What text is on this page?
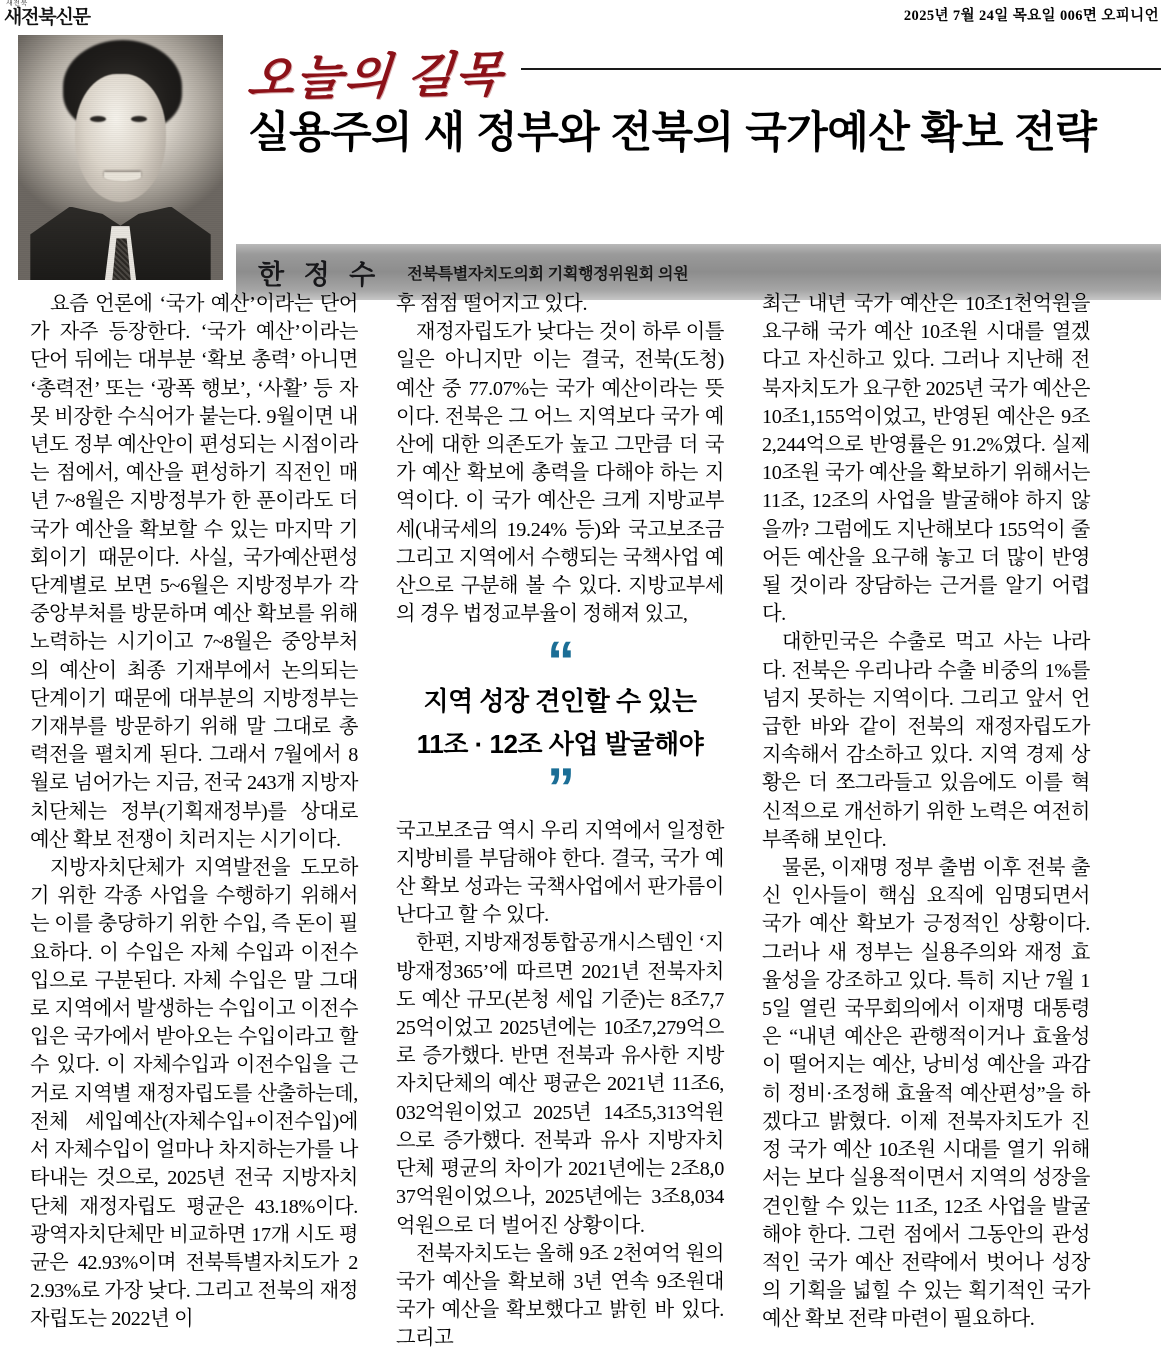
새전북
새전북신문	2025년 7월 24일 목요일 006면 오피니언
오늘의 길목
실용주의 새 정부와 전북의 국가예산 확보 전략
한 정 수 전북특별자치도의회 기획행정위원회 의원

요즘 언론에 ‘국가 예산’이라는 단어가 자주 등장한다. ‘국가 예산’이라는 단어 뒤에는 대부분 ‘확보 총력’ 아니면 ‘총력전’ 또는 ‘광폭 행보’, ‘사활’ 등 자못 비장한 수식어가 붙는다. 9월이면 내년도 정부 예산안이 편성되는 시점이라는 점에서, 예산을 편성하기 직전인 매년 7~8월은 지방정부가 한 푼이라도 더 국가 예산을 확보할 수 있는 마지막 기회이기 때문이다. 사실, 국가예산편성 단계별로 보면 5~6월은 지방정부가 각 중앙부처를 방문하며 예산 확보를 위해 노력하는 시기이고 7~8월은 중앙부처의 예산이 최종 기재부에서 논의되는 단계이기 때문에 대부분의 지방정부는 기재부를 방문하기 위해 말 그대로 총력전을 펼치게 된다. 그래서 7월에서 8월로 넘어가는 지금, 전국 243개 지방자치단체는 정부(기획재정부)를 상대로 예산 확보 전쟁이 치러지는 시기이다.

지방자치단체가 지역발전을 도모하기 위한 각종 사업을 수행하기 위해서는 이를 충당하기 위한 수입, 즉 돈이 필요하다. 이 수입은 자체 수입과 이전수입으로 구분된다. 자체 수입은 말 그대로 지역에서 발생하는 수입이고 이전수입은 국가에서 받아오는 수입이라고 할 수 있다. 이 자체수입과 이전수입을 근거로 지역별 재정자립도를 산출하는데, 전체 세입예산(자체수입+이전수입)에서 자체수입이 얼마나 차지하는가를 나타내는 것으로, 2025년 전국 지방자치단체 재정자립도 평균은 43.18%이다. 광역자치단체만 비교하면 17개 시도 평균은 42.93%이며 전북특별자치도가 22.93%로 가장 낮다. 그리고 전북의 재정자립도는 2022년 이

후 점점 떨어지고 있다.

재정자립도가 낮다는 것이 하루 이틀 일은 아니지만 이는 결국, 전북(도청) 예산 중 77.07%는 국가 예산이라는 뜻이다. 전북은 그 어느 지역보다 국가 예산에 대한 의존도가 높고 그만큼 더 국가 예산 확보에 총력을 다해야 하는 지역이다. 이 국가 예산은 크게 지방교부세(내국세의 19.24% 등)와 국고보조금 그리고 지역에서 수행되는 국책사업 예산으로 구분해 볼 수 있다. 지방교부세의 경우 법정교부율이 정해져 있고,

“
지역 성장 견인할 수 있는
11조 · 12조 사업 발굴해야
”

국고보조금 역시 우리 지역에서 일정한 지방비를 부담해야 한다. 결국, 국가 예산 확보 성과는 국책사업에서 판가름이 난다고 할 수 있다.

한편, 지방재정통합공개시스템인 ‘지방재정365’에 따르면 2021년 전북자치도 예산 규모(본청 세입 기준)는 8조7,725억이었고 2025년에는 10조7,279억으로 증가했다. 반면 전북과 유사한 지방자치단체의 예산 평균은 2021년 11조6,032억원이었고 2025년 14조5,313억원으로 증가했다. 전북과 유사 지방자치단체 평균의 차이가 2021년에는 2조8,037억원이었으나, 2025년에는 3조8,034억원으로 더 벌어진 상황이다.

전북자치도는 올해 9조 2천여억 원의 국가 예산을 확보해 3년 연속 9조원대 국가 예산을 확보했다고 밝힌 바 있다. 그리고

최근 내년 국가 예산은 10조1천억원을 요구해 국가 예산 10조원 시대를 열겠다고 자신하고 있다. 그러나 지난해 전북자치도가 요구한 2025년 국가 예산은 10조1,155억이었고, 반영된 예산은 9조2,244억으로 반영률은 91.2%였다. 실제 10조원 국가 예산을 확보하기 위해서는 11조, 12조의 사업을 발굴해야 하지 않을까? 그럼에도 지난해보다 155억이 줄어든 예산을 요구해 놓고 더 많이 반영될 것이라 장담하는 근거를 알기 어렵다.

대한민국은 수출로 먹고 사는 나라다. 전북은 우리나라 수출 비중의 1%를 넘지 못하는 지역이다. 그리고 앞서 언급한 바와 같이 전북의 재정자립도가 지속해서 감소하고 있다. 지역 경제 상황은 더 쪼그라들고 있음에도 이를 혁신적으로 개선하기 위한 노력은 여전히 부족해 보인다.

물론, 이재명 정부 출범 이후 전북 출신 인사들이 핵심 요직에 임명되면서 국가 예산 확보가 긍정적인 상황이다. 그러나 새 정부는 실용주의와 재정 효율성을 강조하고 있다. 특히 지난 7월 15일 열린 국무회의에서 이재명 대통령은 “내년 예산은 관행적이거나 효율성이 떨어지는 예산, 낭비성 예산을 과감히 정비·조정해 효율적 예산편성”을 하겠다고 밝혔다. 이제 전북자치도가 진정 국가 예산 10조원 시대를 열기 위해서는 보다 실용적이면서 지역의 성장을 견인할 수 있는 11조, 12조 사업을 발굴해야 한다. 그런 점에서 그동안의 관성적인 국가 예산 전략에서 벗어나 성장의 기획을 넓힐 수 있는 획기적인 국가 예산 확보 전략 마련이 필요하다.
